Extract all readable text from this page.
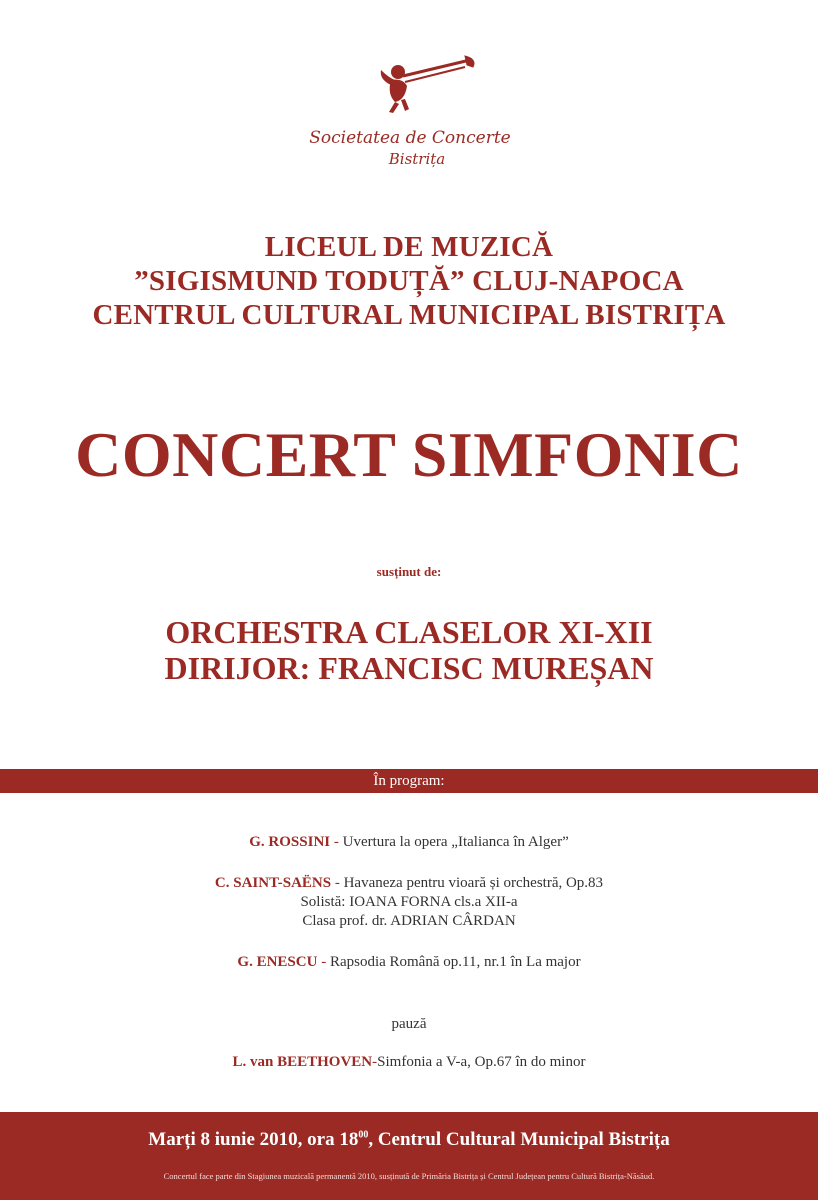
Societatea de Concerte
Bistrița
LICEUL DE MUZICĂ
”SIGISMUND TODUȚĂ” CLUJ-NAPOCA
CENTRUL CULTURAL MUNICIPAL BISTRIȚA
CONCERT SIMFONIC
susținut de:
ORCHESTRA CLASELOR XI-XII
DIRIJOR: FRANCISC MUREȘAN
În program:
G. ROSSINI - Uvertura la opera „Italianca în Alger”
C. SAINT-SAËNS - Havaneza pentru vioară și orchestră, Op.83
Solistă: IOANA FORNA cls.a XII-a
Clasa prof. dr. ADRIAN CÂRDAN
G. ENESCU - Rapsodia Română op.11, nr.1 în La major
pauză
L. van BEETHOVEN-Simfonia a V-a, Op.67 în do minor
Marți 8 iunie 2010, ora $18^{00}$, Centrul Cultural Municipal Bistrița
Concertul face parte din Stagiunea muzicală permanentă 2010, susținută de Primăria Bistrița și Centrul Județean pentru Cultură Bistrița-Năsăud.
